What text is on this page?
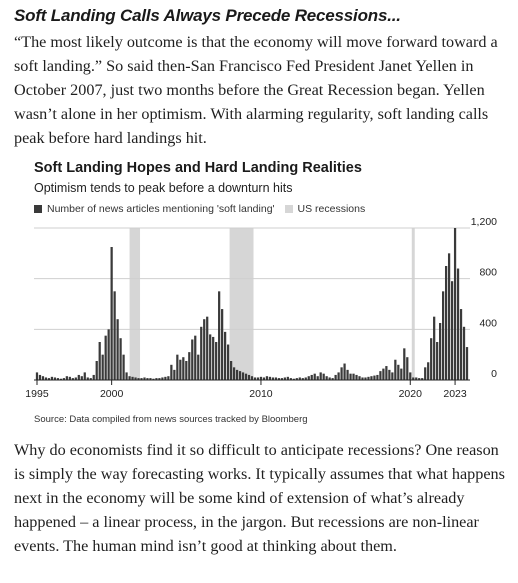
Soft Landing Calls Always Precede Recessions...

“The most likely outcome is that the economy will move forward toward a soft landing.” So said then-San Francisco Fed President Janet Yellen in October 2007, just two months before the Great Recession began. Yellen wasn’t alone in her optimism. With alarming regularity, soft landing calls peak before hard landings hit.

Soft Landing Hopes and Hard Landing Realities
Optimism tends to peak before a downturn hits
Number of news articles mentioning 'soft landing' US recessions
0
400
800
1,200
1995	2000	2010	2020 2023

Source: Data compiled from news sources tracked by Bloomberg

Why do economists find it so difficult to anticipate recessions? One reason is simply the way forecasting works. It typically assumes that what happens next in the economy will be some kind of extension of what’s already happened – a linear process, in the jargon. But recessions are non-linear events. The human mind isn’t good at thinking about them.
